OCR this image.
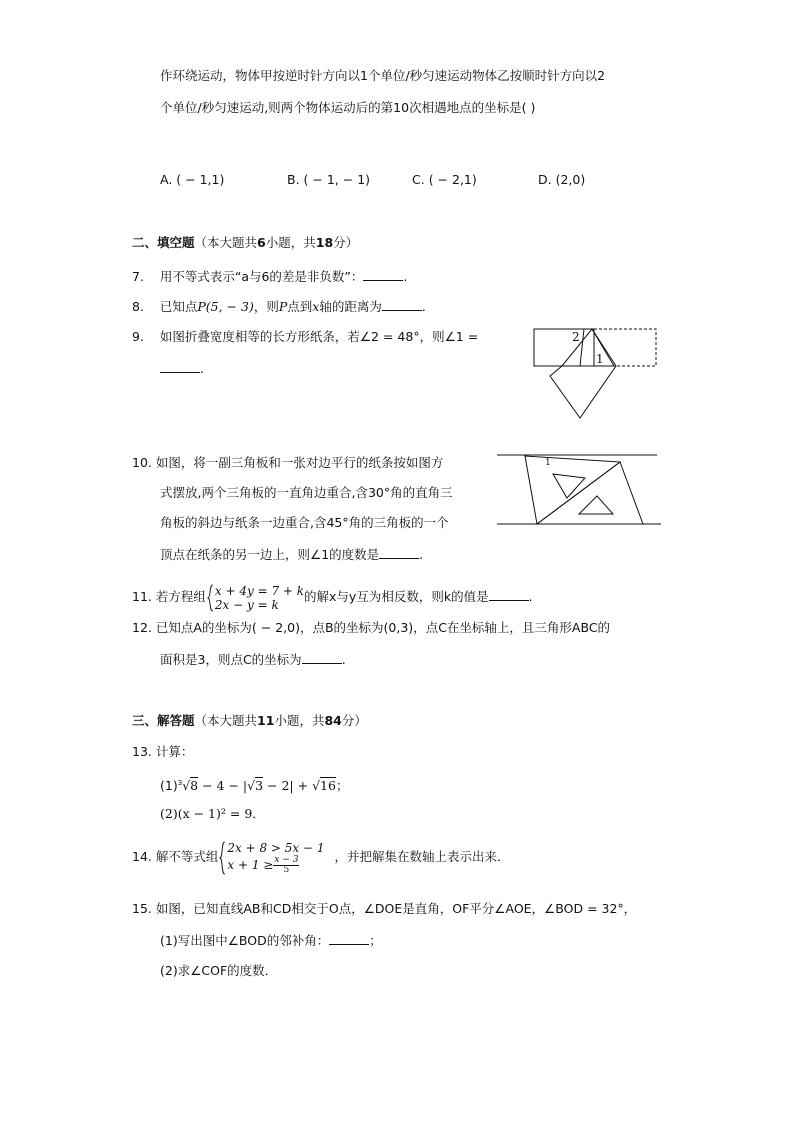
作环绕运动，物体甲按逆时针方向以1个单位/秒匀速运动物体乙按顺时针方向以2
个单位/秒匀速运动,则两个物体运动后的第10次相遇地点的坐标是( )
A. ( − 1,1)	B. ( − 1, − 1)	C. ( − 2,1)	D. (2,0)
二、填空题（本大题共6小题，共18分）
7. 用不等式表示“a与6的差是非负数”：	.
8. 已知点P(5, − 3)，则P点到x轴的距离为	.
9. 如图折叠宽度相等的长方形纸条，若∠2 = 48°，则∠1 =
.
2
1
10. 如图，将一副三角板和一张对边平行的纸条按如图方
式摆放,两个三角板的一直角边重合,含30°角的直角三
角板的斜边与纸条一边重合,含45°角的三角板的一个
顶点在纸条的另一边上，则∠1的度数是	.
1
11. 若方程组 x + 4y = 7 + k
2x − y = k
的解x与y互为相反数，则k的值是	.
12. 已知点A的坐标为( − 2,0)，点B的坐标为(0,3)，点C在坐标轴上，且三角形ABC的
面积是3，则点C的坐标为	.
三、解答题（本大题共11小题，共84分）
13. 计算：
$(1)^3√8 - 4 - |√3 - 2| + √16$；
(2)(x − 1)² = 9．
14. 解不等式组
2x + 8 > 5x − 1
$x + 1 \ge \frac{x - 3}{5}$	，并把解集在数轴上表示出来．
15. 如图，已知直线AB和CD相交于O点，∠DOE是直角，OF平分∠AOE，∠BOD = 32°，
(1)写出图中∠BOD的邻补角：	；
(2)求∠COF的度数．
